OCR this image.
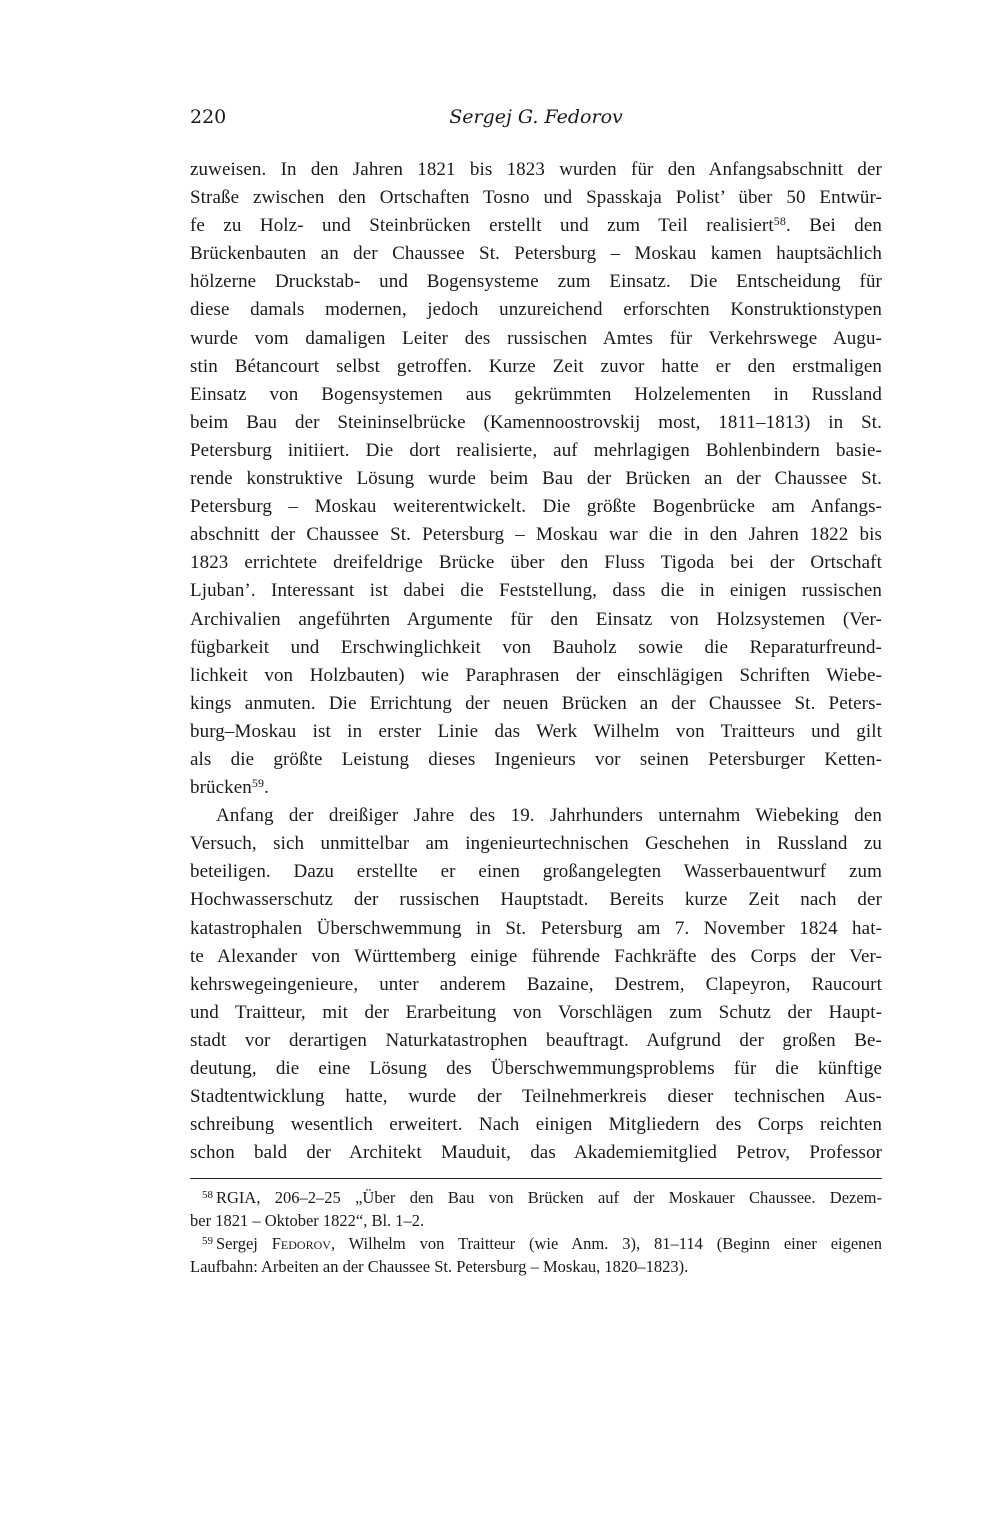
220	Sergej G. Fedorov
zuweisen. In den Jahren 1821 bis 1823 wurden für den Anfangsabschnitt der
Straße zwischen den Ortschaften Tosno und Spasskaja Polist’ über 50 Entwür-
fe zu Holz- und Steinbrücken erstellt und zum Teil realisiert$^{58}$. Bei den
Brückenbauten an der Chaussee St. Petersburg – Moskau kamen hauptsächlich
hölzerne Druckstab- und Bogensysteme zum Einsatz. Die Entscheidung für
diese damals modernen, jedoch unzureichend erforschten Konstruktionstypen
wurde vom damaligen Leiter des russischen Amtes für Verkehrswege Augu-
stin Bétancourt selbst getroffen. Kurze Zeit zuvor hatte er den erstmaligen
Einsatz von Bogensystemen aus gekrümmten Holzelementen in Russland
beim Bau der Steininselbrücke (Kamennoostrovskij most, 1811–1813) in St.
Petersburg initiiert. Die dort realisierte, auf mehrlagigen Bohlenbindern basie-
rende konstruktive Lösung wurde beim Bau der Brücken an der Chaussee St.
Petersburg – Moskau weiterentwickelt. Die größte Bogenbrücke am Anfangs-
abschnitt der Chaussee St. Petersburg – Moskau war die in den Jahren 1822 bis
1823 errichtete dreifeldrige Brücke über den Fluss Tigoda bei der Ortschaft
Ljuban’. Interessant ist dabei die Feststellung, dass die in einigen russischen
Archivalien angeführten Argumente für den Einsatz von Holzsystemen (Ver-
fügbarkeit und Erschwinglichkeit von Bauholz sowie die Reparaturfreund-
lichkeit von Holzbauten) wie Paraphrasen der einschlägigen Schriften Wiebe-
kings anmuten. Die Errichtung der neuen Brücken an der Chaussee St. Peters-
burg–Moskau ist in erster Linie das Werk Wilhelm von Traitteurs und gilt
als die größte Leistung dieses Ingenieurs vor seinen Petersburger Ketten-
brücken$^{59}$.
Anfang der dreißiger Jahre des 19. Jahrhunders unternahm Wiebeking den
Versuch, sich unmittelbar am ingenieurtechnischen Geschehen in Russland zu
beteiligen. Dazu erstellte er einen großangelegten Wasserbauentwurf zum
Hochwasserschutz der russischen Hauptstadt. Bereits kurze Zeit nach der
katastrophalen Überschwemmung in St. Petersburg am 7. November 1824 hat-
te Alexander von Württemberg einige führende Fachkräfte des Corps der Ver-
kehrswegeingenieure, unter anderem Bazaine, Destrem, Clapeyron, Raucourt
und Traitteur, mit der Erarbeitung von Vorschlägen zum Schutz der Haupt-
stadt vor derartigen Naturkatastrophen beauftragt. Aufgrund der großen Be-
deutung, die eine Lösung des Überschwemmungsproblems für die künftige
Stadtentwicklung hatte, wurde der Teilnehmerkreis dieser technischen Aus-
schreibung wesentlich erweitert. Nach einigen Mitgliedern des Corps reichten
schon bald der Architekt Mauduit, das Akademiemitglied Petrov, Professor
$^{58}$ RGIA, 206–2–25 „Über den Bau von Brücken auf der Moskauer Chaussee. Dezem-
ber 1821 – Oktober 1822“, Bl. 1–2.
$^{59}$ Sergej Fedorov, Wilhelm von Traitteur (wie Anm. 3), 81–114 (Beginn einer eigenen
Laufbahn: Arbeiten an der Chaussee St. Petersburg – Moskau, 1820–1823).
